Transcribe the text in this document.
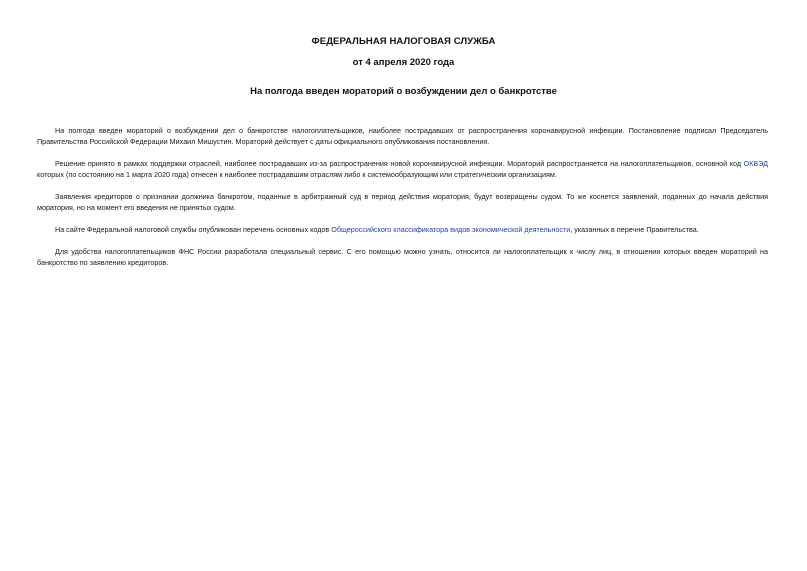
ФЕДЕРАЛЬНАЯ НАЛОГОВАЯ СЛУЖБА
от 4 апреля 2020 года
На полгода введен мораторий о возбуждении дел о банкротстве

На полгода введен мораторий о возбуждении дел о банкротстве налогоплательщиков, наиболее пострадавших от распространения коронавирусной инфекции. Постановление подписал Председатель Правительства Российской Федерации Михаил Мишустин. Мораторий действует с даты официального опубликования постановления.

Решение принято в рамках поддержки отраслей, наиболее пострадавших из-за распространения новой коронавирусной инфекции. Мораторий распространяется на налогоплательщиков, основной код ОКВЭД которых (по состоянию на 1 марта 2020 года) отнесен к наиболее пострадавшим отраслям либо к системообразующим или стратегическим организациям.

Заявления кредиторов о признании должника банкротом, поданные в арбитражный суд в период действия моратория, будут возвращены судом. То же коснется заявлений, поданных до начала действия моратория, но на момент его введения не принятых судом.

На сайте Федеральной налоговой службы опубликован перечень основных кодов Общероссийского классификатора видов экономической деятельности, указанных в перечне Правительства.

Для удобства налогоплательщиков ФНС России разработала специальный сервис. С его помощью можно узнать, относится ли налогоплательщик к числу лиц, в отношении которых введен мораторий на банкротство по заявлению кредиторов.
